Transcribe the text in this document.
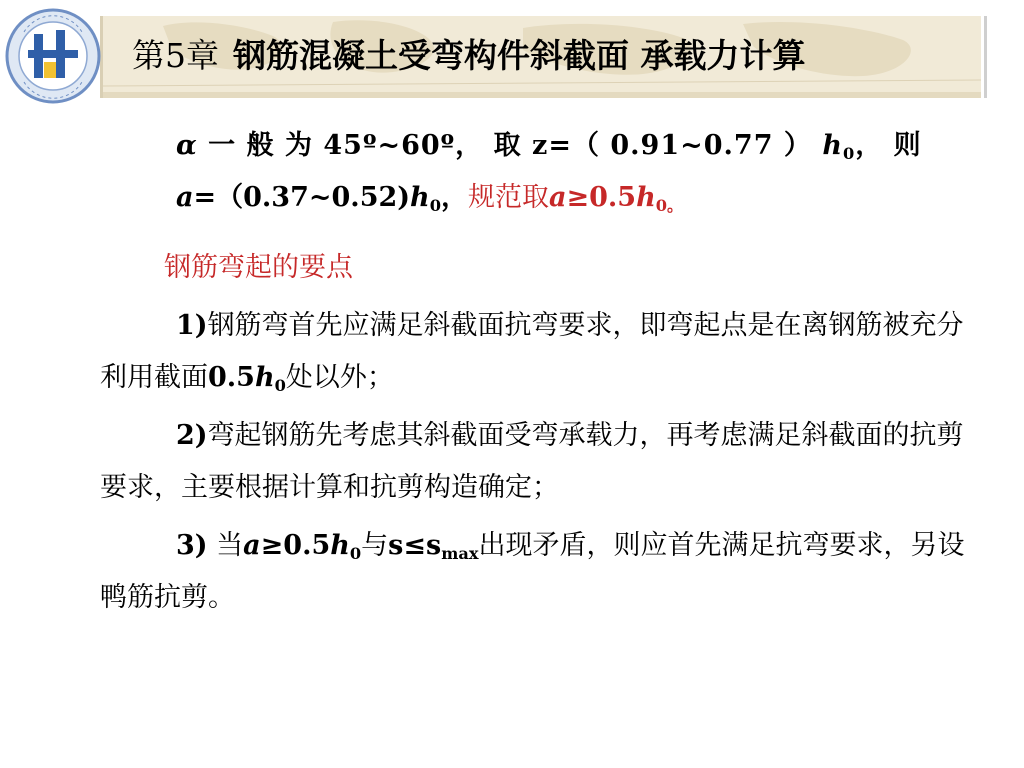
第5章 钢筋混凝土受弯构件斜截面 承载力计算
α 一 般 为 45º~60º， 取 z=（ 0.91~0.77 ） $h_0$， 则
$a=(0.37\sim 0.52)h_0$，规范取$a\ge 0.5h_{0。}$
钢筋弯起的要点
1)钢筋弯首先应满足斜截面抗弯要求，即弯起点是在离钢筋被充分利用截面$0.5h_0$处以外；
2)弯起钢筋先考虑其斜截面受弯承载力，再考虑满足斜截面的抗剪要求，主要根据计算和抗剪构造确定；
3) 当$a\ge 0.5h_0$与$s\le s_{max}$出现矛盾，则应首先满足抗弯要求，另设鸭筋抗剪。
